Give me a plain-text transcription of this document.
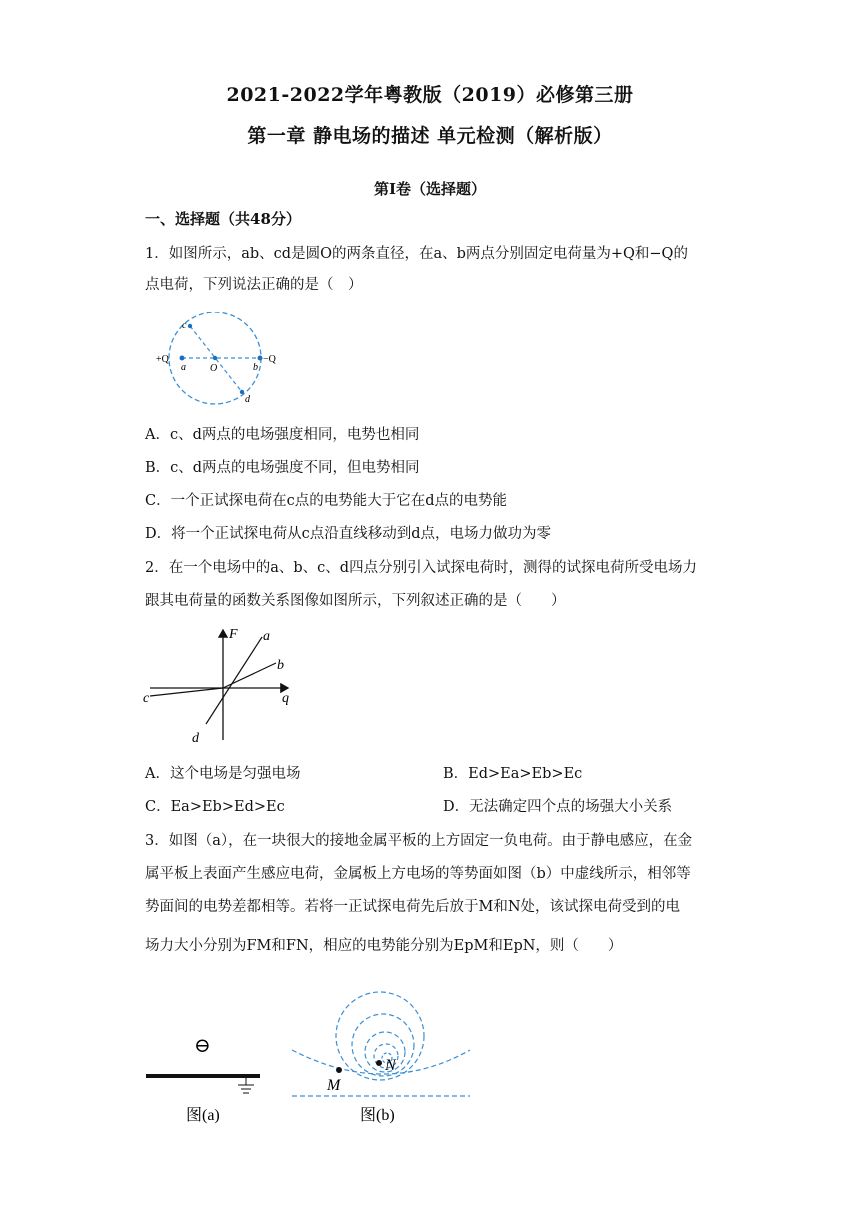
2021-2022学年粤教版（2019）必修第三册
第一章 静电场的描述 单元检测（解析版）
第Ⅰ卷（选择题）
一、选择题（共48分）
1．如图所示，ab、cd是圆O的两条直径，在a、b两点分别固定电荷量为+Q和−Q的
点电荷，下列说法正确的是（　）
c
d
a O	b
+Q	−Q
A．c、d两点的电场强度相同，电势也相同
B．c、d两点的电场强度不同，但电势相同
C．一个正试探电荷在c点的电势能大于它在d点的电势能
D．将一个正试探电荷从c点沿直线移动到d点，电场力做功为零
2．在一个电场中的a、b、c、d四点分别引入试探电荷时，测得的试探电荷所受电场力
跟其电荷量的函数关系图像如图所示，下列叙述正确的是（　　）
F
q
a
b
c
d
A．这个电场是匀强电场	B．Ed>Ea>Eb>Ec
C．Ea>Eb>Ed>Ec	D．无法确定四个点的场强大小关系
3．如图（a），在一块很大的接地金属平板的上方固定一负电荷。由于静电感应，在金
属平板上表面产生感应电荷，金属板上方电场的等势面如图（b）中虚线所示，相邻等
势面间的电势差都相等。若将一正试探电荷先后放于M和N处，该试探电荷受到的电
场力大小分别为FM和FN，相应的电势能分别为EpM和EpN，则（　　）
⊖
图(a)
M
N
图(b)
